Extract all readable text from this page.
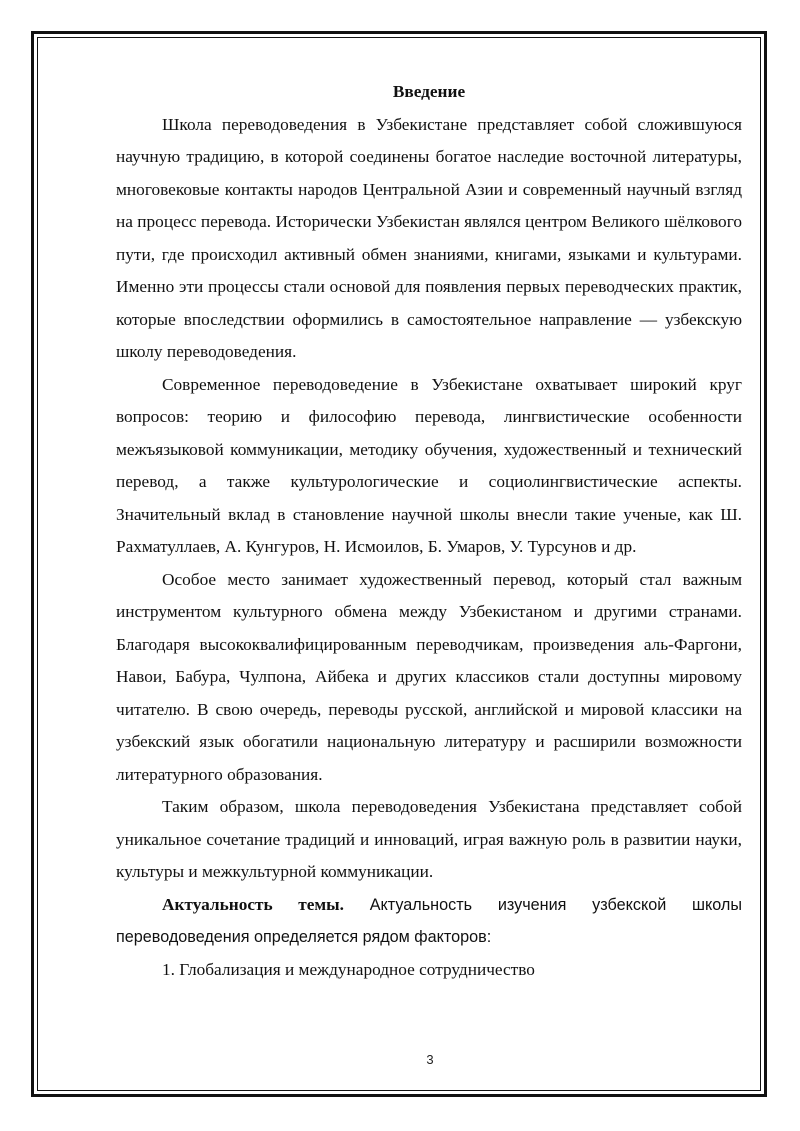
Введение

Школа переводоведения в Узбекистане представляет собой сложившуюся научную традицию, в которой соединены богатое наследие восточной литературы, многовековые контакты народов Центральной Азии и современный научный взгляд на процесс перевода. Исторически Узбекистан являлся центром Великого шёлкового пути, где происходил активный обмен знаниями, книгами, языками и культурами. Именно эти процессы стали основой для появления первых переводческих практик, которые впоследствии оформились в самостоятельное направление — узбекскую школу переводоведения.

Современное переводоведение в Узбекистане охватывает широкий круг вопросов: теорию и философию перевода, лингвистические особенности межъязыковой коммуникации, методику обучения, художественный и технический перевод, а также культурологические и социолингвистические аспекты. Значительный вклад в становление научной школы внесли такие ученые, как Ш. Рахматуллаев, А. Кунгуров, Н. Исмоилов, Б. Умаров, У. Турсунов и др.

Особое место занимает художественный перевод, который стал важным инструментом культурного обмена между Узбекистаном и другими странами. Благодаря высококвалифицированным переводчикам, произведения аль-Фаргони, Навои, Бабура, Чулпона, Айбека и других классиков стали доступны мировому читателю. В свою очередь, переводы русской, английской и мировой классики на узбекский язык обогатили национальную литературу и расширили возможности литературного образования.

Таким образом, школа переводоведения Узбекистана представляет собой уникальное сочетание традиций и инноваций, играя важную роль в развитии науки, культуры и межкультурной коммуникации.

Актуальность темы. Актуальность изучения узбекской школы переводоведения определяется рядом факторов:

1. Глобализация и международное сотрудничество

3
